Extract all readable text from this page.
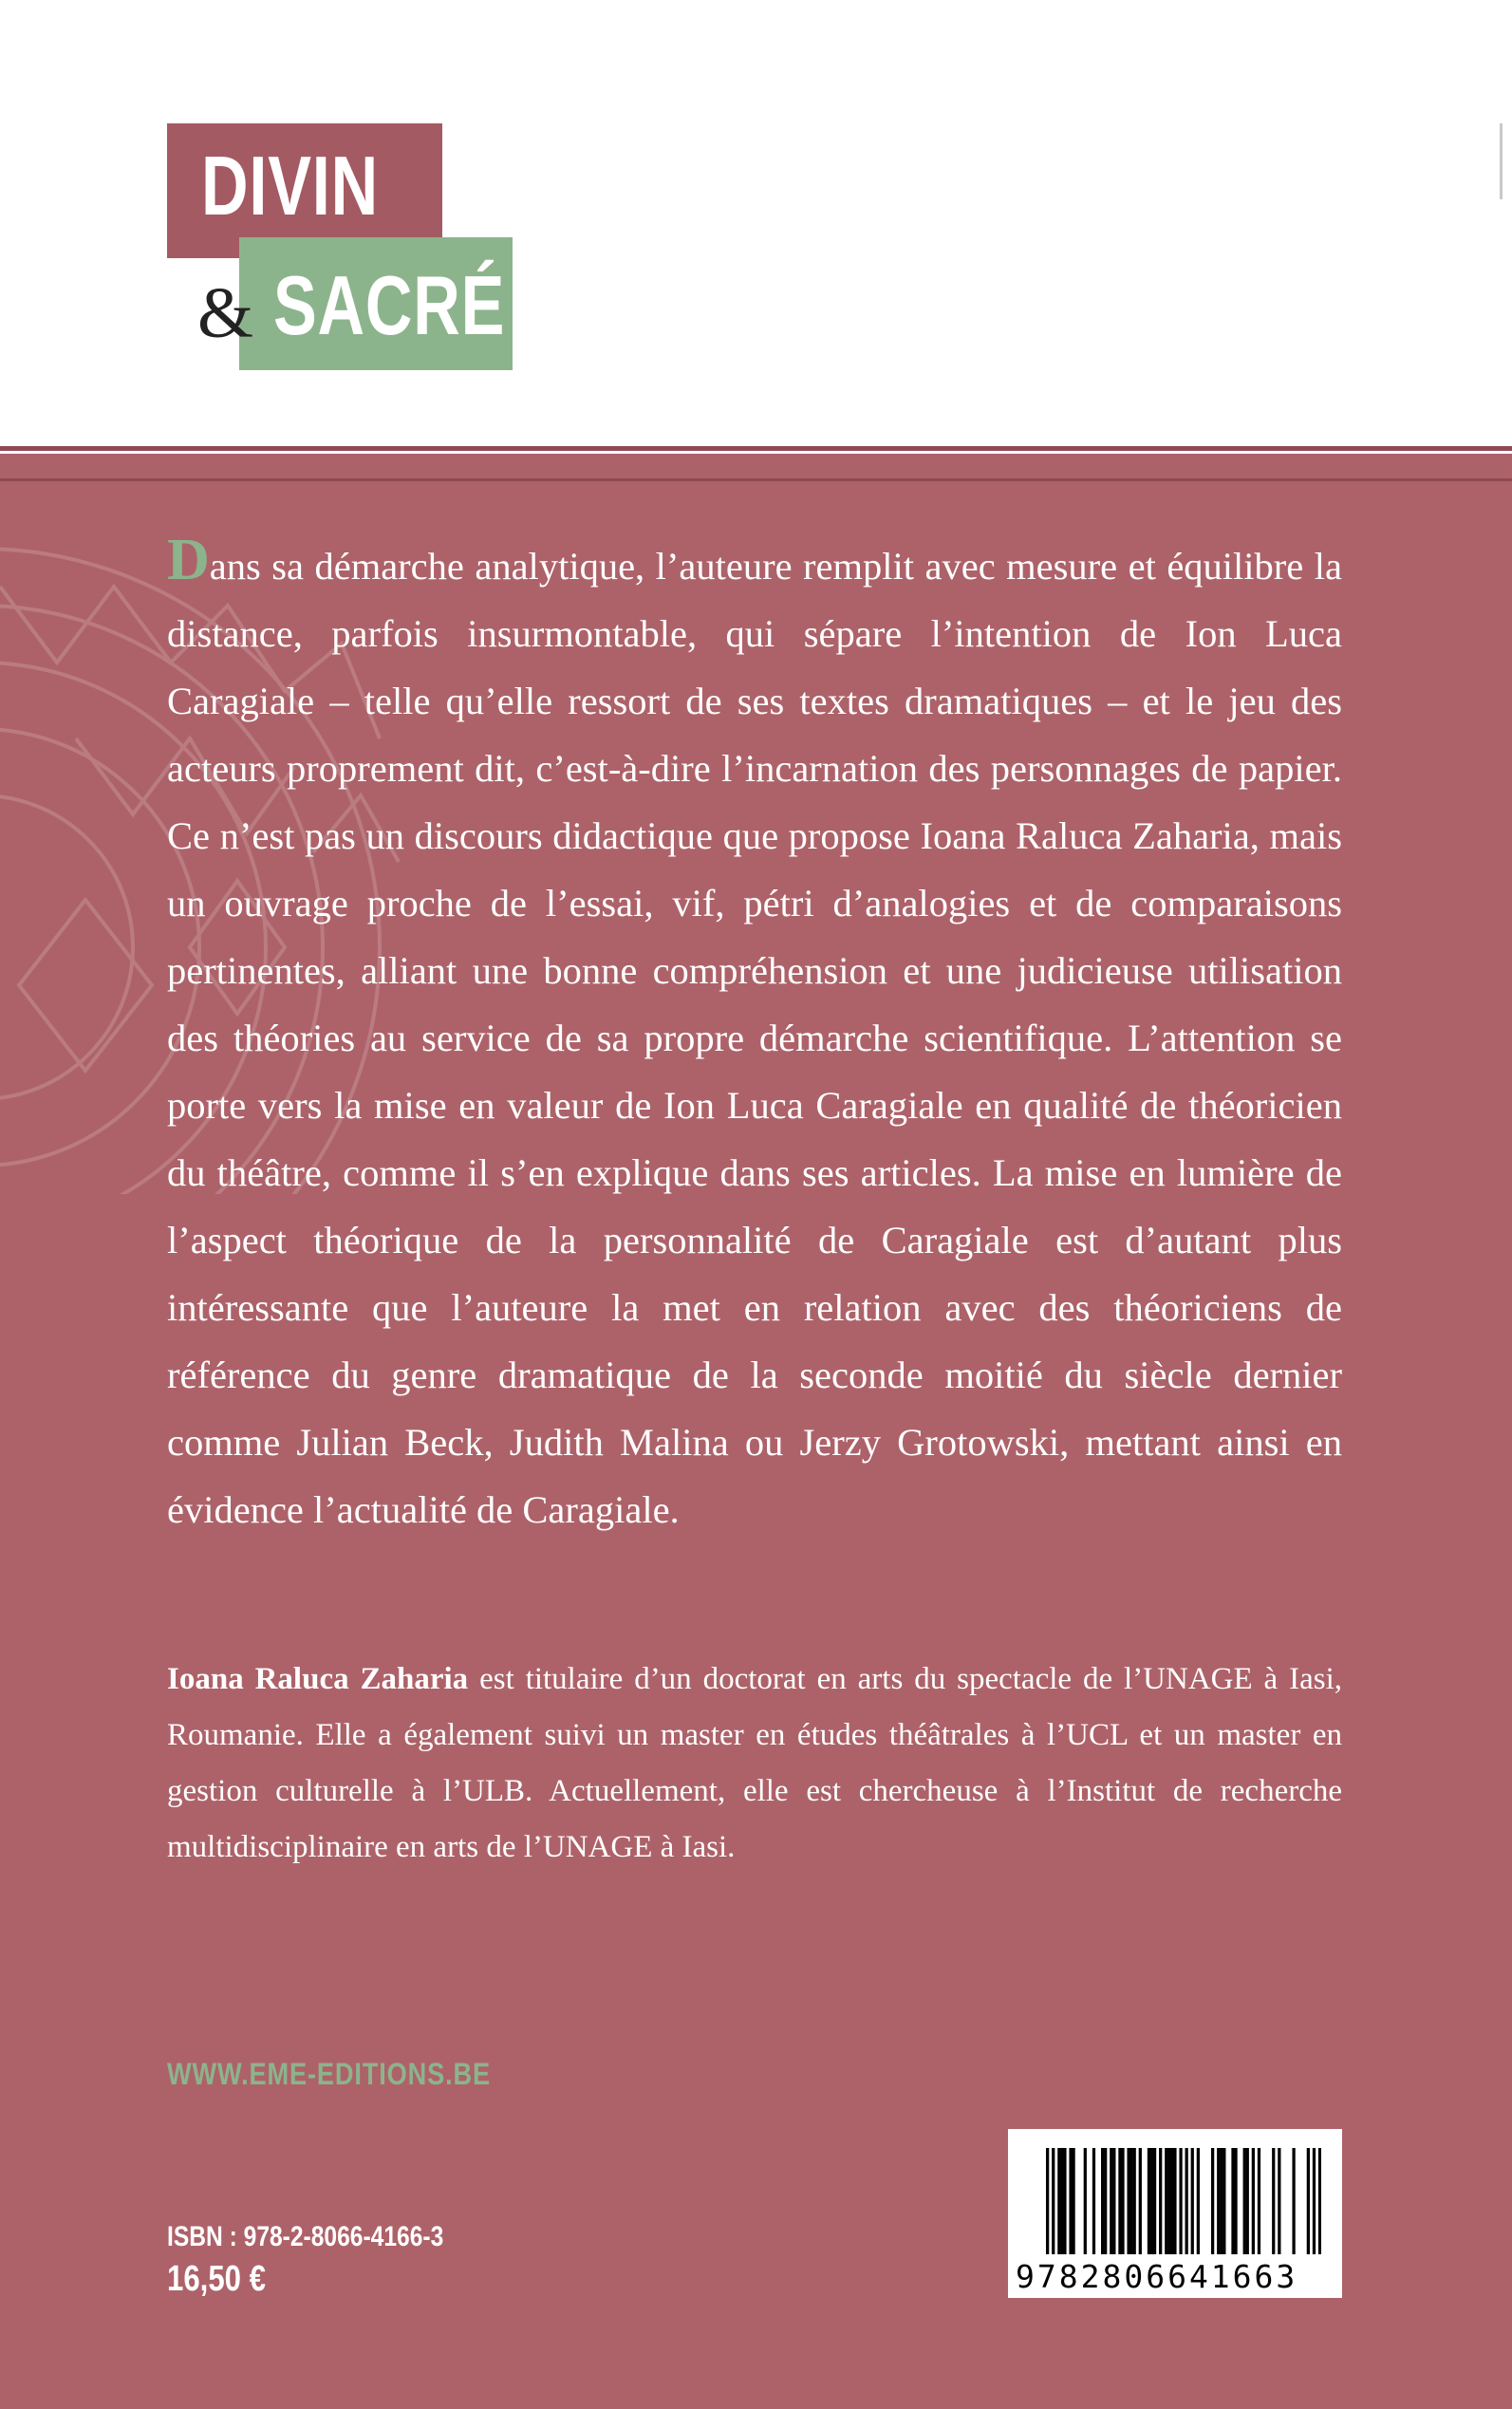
DIVIN
SACRÉ
&

Dans sa démarche analytique, l’auteure remplit avec mesure et équilibre la distance, parfois insurmontable, qui sépare l’intention de Ion Luca Caragiale – telle qu’elle ressort de ses textes dramatiques – et le jeu des acteurs proprement dit, c’est-à-dire l’incarnation des personnages de papier. Ce n’est pas un discours didactique que propose Ioana Raluca Zaharia, mais un ouvrage proche de l’essai, vif, pétri d’analogies et de comparaisons pertinentes, alliant une bonne compréhension et une judicieuse utilisation des théories au service de sa propre démarche scientifique. L’attention se porte vers la mise en valeur de Ion Luca Caragiale en qualité de théoricien du théâtre, comme il s’en explique dans ses articles. La mise en lumière de l’aspect théorique de la personnalité de Caragiale est d’autant plus intéressante que l’auteure la met en relation avec des théoriciens de référence du genre dramatique de la seconde moitié du siècle dernier comme Julian Beck, Judith Malina ou Jerzy Grotowski, mettant ainsi en évidence l’actualité de Caragiale.

Ioana Raluca Zaharia est titulaire d’un doctorat en arts du spectacle de l’UNAGE à Iasi, Roumanie. Elle a également suivi un master en études théâtrales à l’UCL et un master en gestion culturelle à l’ULB. Actuellement, elle est chercheuse à l’Institut de recherche multidisciplinaire en arts de l’UNAGE à Iasi.

WWW.EME-EDITIONS.BE
ISBN : 978-2-8066-4166-3
16,50 €	9782806641663
